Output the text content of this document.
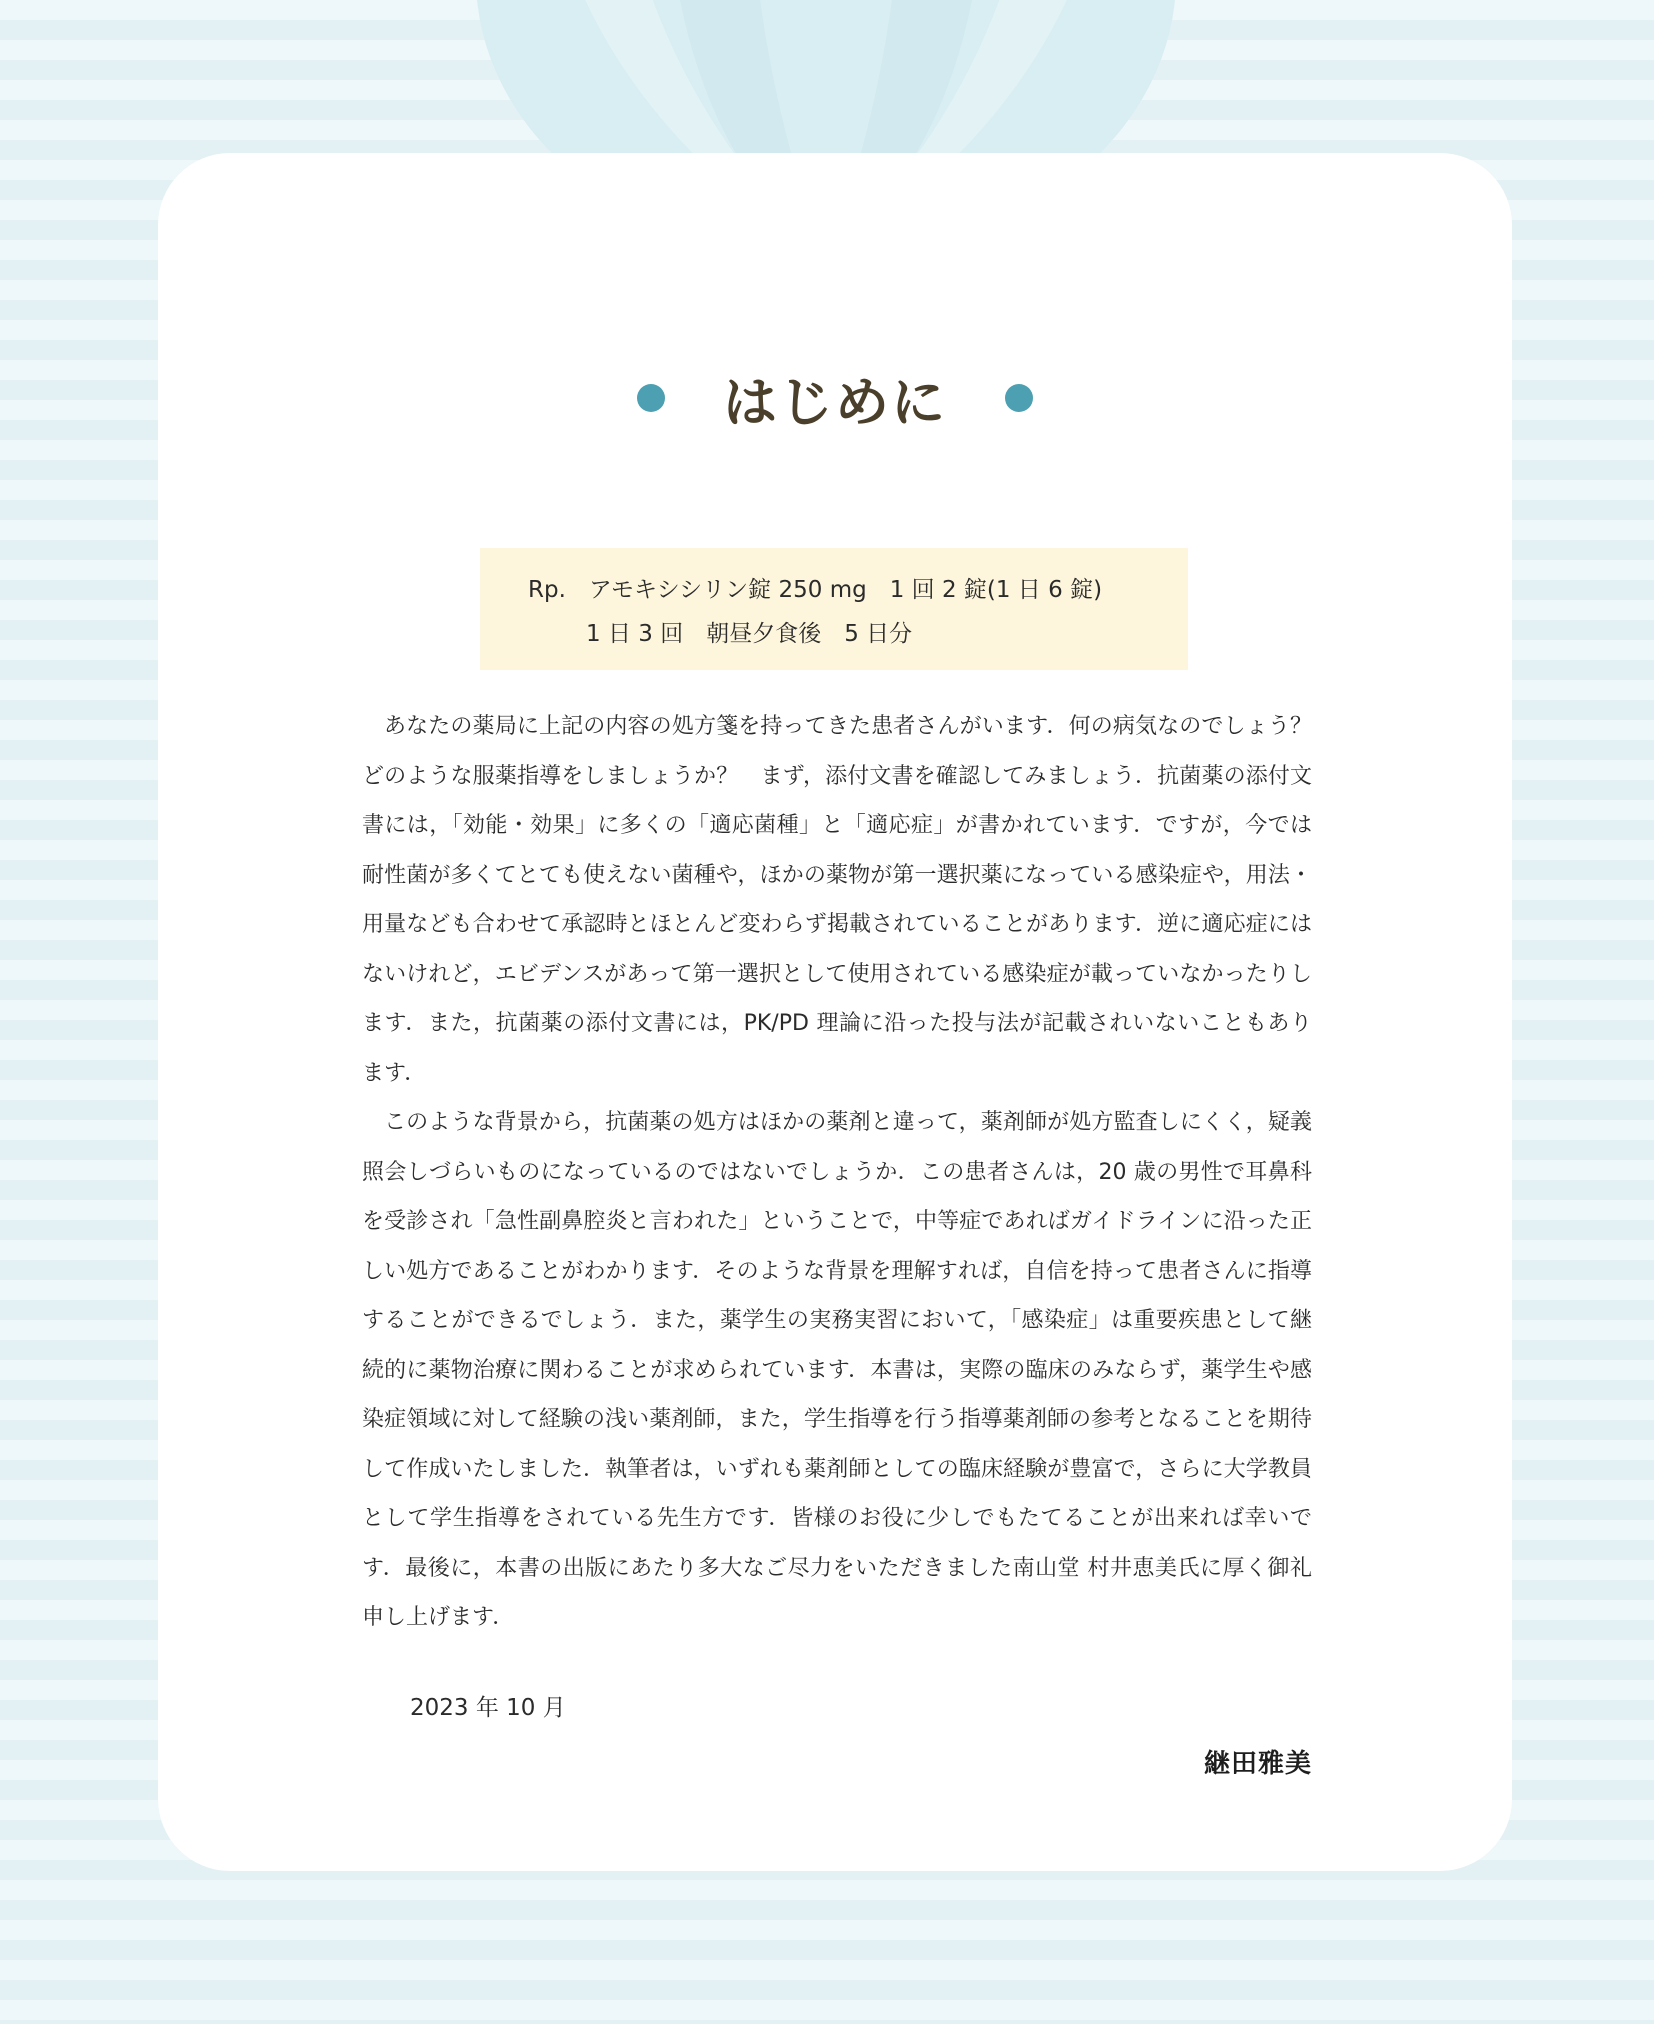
はじめに
Rp.　アモキシシリン錠 250 mg　1 回 2 錠(1 日 6 錠)
1 日 3 回　朝昼夕食後　5 日分

あなたの薬局に上記の内容の処方箋を持ってきた患者さんがいます．何の病気なのでしょう？　どのような服薬指導をしましょうか？　まず，添付文書を確認してみましょう．抗菌薬の添付文書には，「効能・効果」に多くの「適応菌種」と「適応症」が書かれています．ですが，今では耐性菌が多くてとても使えない菌種や，ほかの薬物が第一選択薬になっている感染症や，用法・用量なども合わせて承認時とほとんど変わらず掲載されていることがあります．逆に適応症にはないけれど，エビデンスがあって第一選択として使用されている感染症が載っていなかったりします．また，抗菌薬の添付文書には，PK/PD 理論に沿った投与法が記載されいないこともあります．

このような背景から，抗菌薬の処方はほかの薬剤と違って，薬剤師が処方監査しにくく，疑義照会しづらいものになっているのではないでしょうか．この患者さんは，20 歳の男性で耳鼻科を受診され「急性副鼻腔炎と言われた」ということで，中等症であればガイドラインに沿った正しい処方であることがわかります．そのような背景を理解すれば，自信を持って患者さんに指導することができるでしょう．また，薬学生の実務実習において，「感染症」は重要疾患として継続的に薬物治療に関わることが求められています．本書は，実際の臨床のみならず，薬学生や感染症領域に対して経験の浅い薬剤師，また，学生指導を行う指導薬剤師の参考となることを期待して作成いたしました．執筆者は，いずれも薬剤師としての臨床経験が豊富で，さらに大学教員として学生指導をされている先生方です．皆様のお役に少しでもたてることが出来れば幸いです．最後に，本書の出版にあたり多大なご尽力をいただきました南山堂 村井恵美氏に厚く御礼申し上げます．

2023 年 10 月
継田雅美
